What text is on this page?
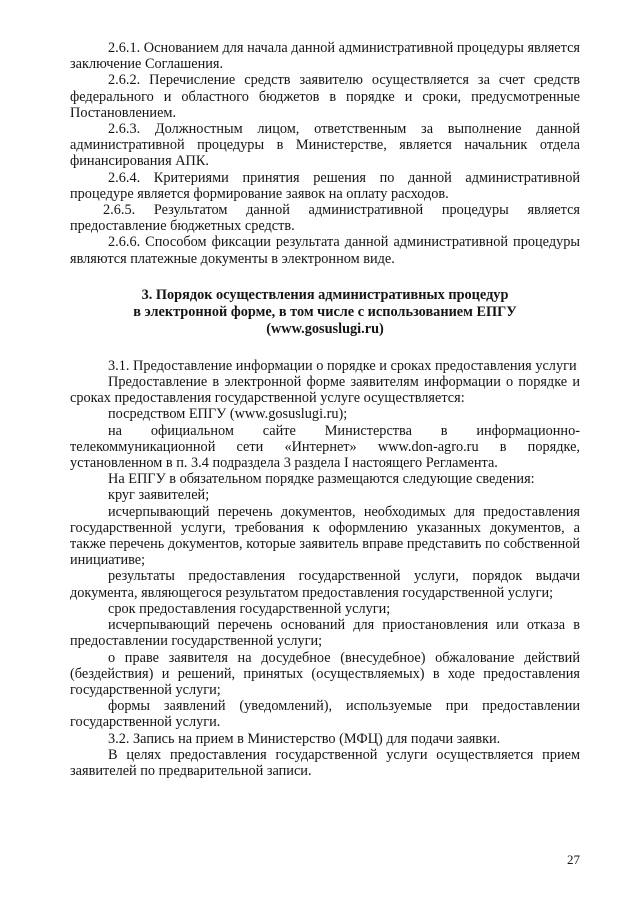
2.6.1. Основанием для начала данной административной процедуры является заключение Соглашения.

2.6.2. Перечисление средств заявителю осуществляется за счет средств федерального и областного бюджетов в порядке и сроки, предусмотренные Постановлением.

2.6.3. Должностным лицом, ответственным за выполнение данной административной процедуры в Министерстве, является начальник отдела финансирования АПК.

2.6.4. Критериями принятия решения по данной административной процедуре является формирование заявок на оплату расходов.

2.6.5. Результатом данной административной процедуры является предоставление бюджетных средств.

2.6.6. Способом фиксации результата данной административной процедуры являются платежные документы в электронном виде.

3. Порядок осуществления административных процедур
в электронной форме, в том числе с использованием ЕПГУ
(www.gosuslugi.ru)

3.1. Предоставление информации о порядке и сроках предоставления услуги

Предоставление в электронной форме заявителям информации о порядке и сроках предоставления государственной услуге осуществляется:

посредством ЕПГУ (www.gosuslugi.ru);

на официальном сайте Министерства в информационно-телекоммуникационной сети «Интернет» www.don-agro.ru в порядке, установленном в п. 3.4 подраздела 3 раздела I настоящего Регламента.

На ЕПГУ в обязательном порядке размещаются следующие сведения:

круг заявителей;

исчерпывающий перечень документов, необходимых для предоставления государственной услуги, требования к оформлению указанных документов, а также перечень документов, которые заявитель вправе представить по собственной инициативе;

результаты предоставления государственной услуги, порядок выдачи документа, являющегося результатом предоставления государственной услуги;

срок предоставления государственной услуги;

исчерпывающий перечень оснований для приостановления или отказа в предоставлении государственной услуги;

о праве заявителя на досудебное (внесудебное) обжалование действий (бездействия) и решений, принятых (осуществляемых) в ходе предоставления государственной услуги;

формы заявлений (уведомлений), используемые при предоставлении государственной услуги.

3.2. Запись на прием в Министерство (МФЦ) для подачи заявки.

В целях предоставления государственной услуги осуществляется прием заявителей по предварительной записи.

27
